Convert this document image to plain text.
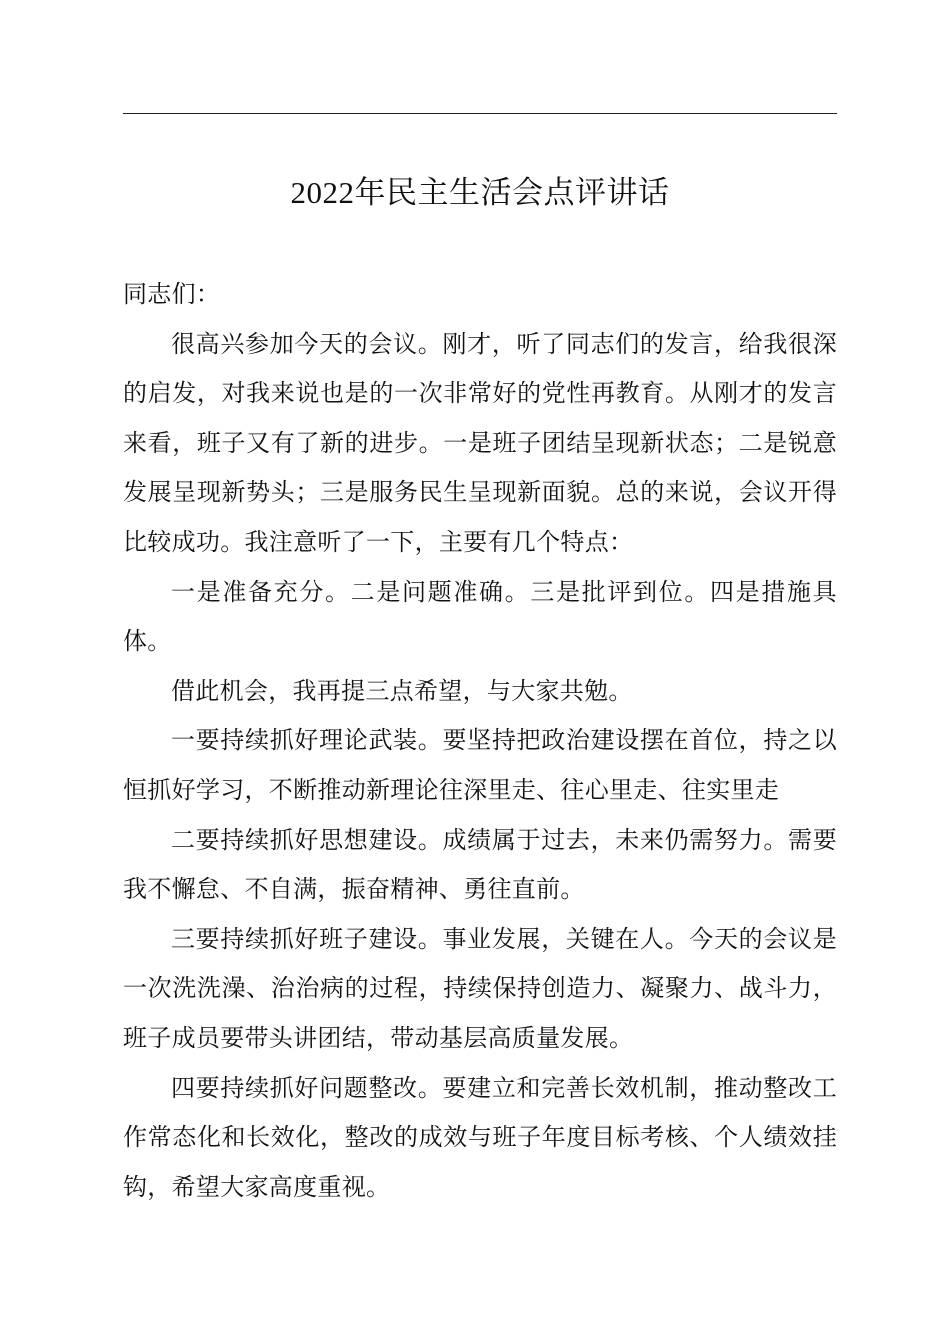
2022年民主生活会点评讲话

同志们：

很高兴参加今天的会议。刚才，听了同志们的发言，给我很深的启发，对我来说也是的一次非常好的党性再教育。从刚才的发言来看，班子又有了新的进步。一是班子团结呈现新状态；二是锐意发展呈现新势头；三是服务民生呈现新面貌。总的来说，会议开得比较成功。我注意听了一下，主要有几个特点：

一是准备充分。二是问题准确。三是批评到位。四是措施具体。

借此机会，我再提三点希望，与大家共勉。

一要持续抓好理论武装。要坚持把政治建设摆在首位，持之以恒抓好学习，不断推动新理论往深里走、往心里走、往实里走

二要持续抓好思想建设。成绩属于过去，未来仍需努力。需要我不懈怠、不自满，振奋精神、勇往直前。

三要持续抓好班子建设。事业发展，关键在人。今天的会议是一次洗洗澡、治治病的过程，持续保持创造力、凝聚力、战斗力，班子成员要带头讲团结，带动基层高质量发展。

四要持续抓好问题整改。要建立和完善长效机制，推动整改工作常态化和长效化，整改的成效与班子年度目标考核、个人绩效挂钩，希望大家高度重视。
